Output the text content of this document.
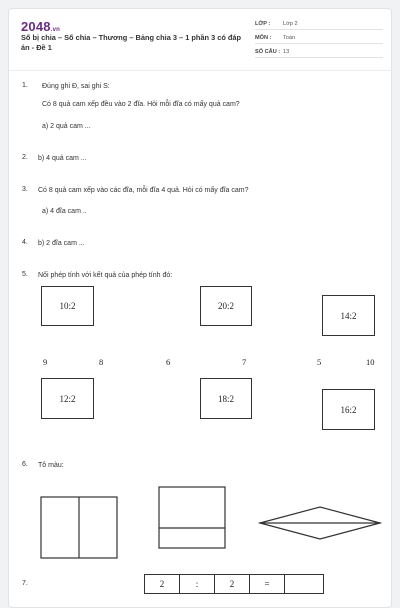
2048.vn
Số bị chia – Số chia – Thương – Bảng chia 3 – 1 phần 3 có đáp án - Đề 1
LỚP : Lớp 2
MÔN : Toán
SỐ CÂU : 13
1. Đúng ghi Đ, sai ghi S:
Có 8 quả cam xếp đều vào 2 đĩa. Hỏi mỗi đĩa có mấy quả cam?
a) 2 quả cam ...
2. b) 4 quả cam ...
3. Có 8 quả cam xếp vào các đĩa, mỗi đĩa 4 quả. Hỏi có mấy đĩa cam?
a) 4 đĩa cam ..
4. b) 2 đĩa cam ...
5. Nối phép tính với kết quả của phép tính đó:
10:2	20:2
14:2
9	8	6	7	5	10
12:2	18:2
16:2
6. Tô màu:
7.	2	:	2	=
